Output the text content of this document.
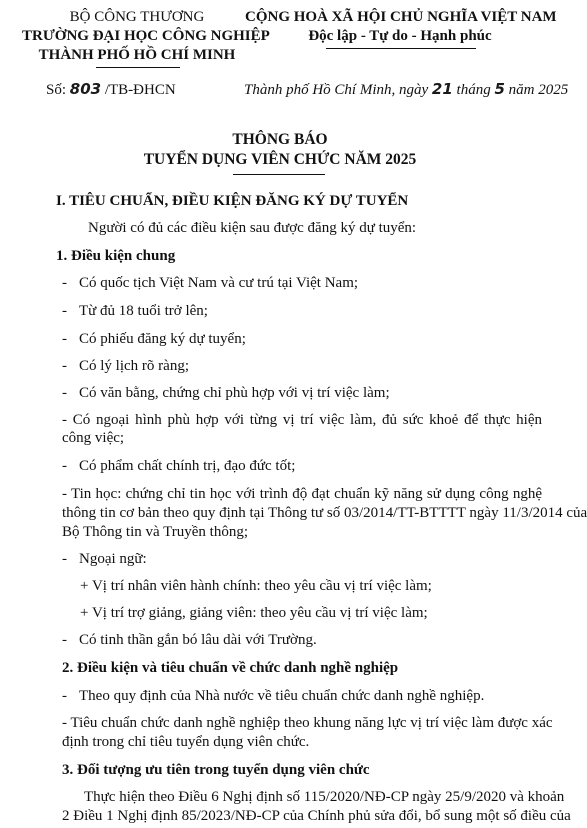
BỘ CÔNG THƯƠNG
TRƯỜNG ĐẠI HỌC CÔNG NGHIỆP
THÀNH PHỐ HỒ CHÍ MINH
CỘNG HOÀ XÃ HỘI CHỦ NGHĨA VIỆT NAM
Độc lập - Tự do - Hạnh phúc
Số: 803 /TB-ĐHCN	Thành phố Hồ Chí Minh, ngày 21 tháng 5 năm 2025
THÔNG BÁO
TUYỂN DỤNG VIÊN CHỨC NĂM 2025
I. TIÊU CHUẨN, ĐIỀU KIỆN ĐĂNG KÝ DỰ TUYỂN
Người có đủ các điều kiện sau được đăng ký dự tuyển:
1. Điều kiện chung
- Có quốc tịch Việt Nam và cư trú tại Việt Nam;
- Từ đủ 18 tuổi trở lên;
- Có phiếu đăng ký dự tuyển;
- Có lý lịch rõ ràng;
- Có văn bằng, chứng chỉ phù hợp với vị trí việc làm;
- Có ngoại hình phù hợp với từng vị trí việc làm, đủ sức khoẻ để thực hiện
công việc;
- Có phẩm chất chính trị, đạo đức tốt;
- Tin học: chứng chỉ tin học với trình độ đạt chuẩn kỹ năng sử dụng công nghệ
thông tin cơ bản theo quy định tại Thông tư số 03/2014/TT-BTTTT ngày 11/3/2014 của
Bộ Thông tin và Truyền thông;
- Ngoại ngữ:
+ Vị trí nhân viên hành chính: theo yêu cầu vị trí việc làm;
+ Vị trí trợ giảng, giảng viên: theo yêu cầu vị trí việc làm;
- Có tinh thần gắn bó lâu dài với Trường.
2. Điều kiện và tiêu chuẩn về chức danh nghề nghiệp
- Theo quy định của Nhà nước về tiêu chuẩn chức danh nghề nghiệp.
- Tiêu chuẩn chức danh nghề nghiệp theo khung năng lực vị trí việc làm được xác
định trong chỉ tiêu tuyển dụng viên chức.
3. Đối tượng ưu tiên trong tuyển dụng viên chức
Thực hiện theo Điều 6 Nghị định số 115/2020/NĐ-CP ngày 25/9/2020 và khoản
2 Điều 1 Nghị định 85/2023/NĐ-CP của Chính phủ sửa đổi, bổ sung một số điều của
